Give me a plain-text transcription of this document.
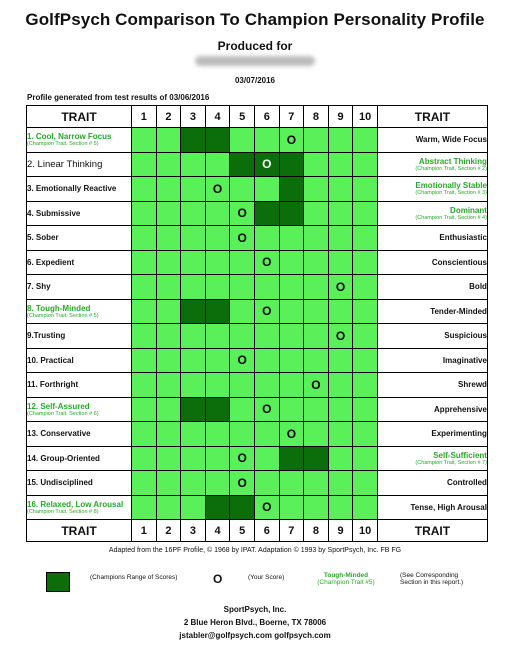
GolfPsych Comparison To Champion Personality Profile
Produced for
03/07/2016
Profile generated from test results of 03/06/2016
TRAIT	1	2	3	4	5	6	7	8	9	10	TRAIT
1. Cool, Narrow Focus
(Champion Trait, Section # 5)							O				Warm, Wide Focus
2. Linear Thinking						O					Abstract Thinking
(Champion Trait, Section # 2)

3. Emotionally Reactive				O							Emotionally Stable
(Champion Trait, Section # 3)

4. Submissive					O						Dominant
(Champion Trait, Section # 4)

5. Sober					O						Enthusiastic
6. Expedient						O					Conscientious
7. Shy									O		Bold
8. Tough-Minded
(Champion Trait, Section # 5)						O					Tender-Minded
9.Trusting									O		Suspicious
10. Practical					O						Imaginative
11. Forthright								O			Shrewd
12. Self-Assured
(Champion Trait, Section # 6)						O					Apprehensive
13. Conservative							O				Experimenting
14. Group-Oriented					O						Self-Sufficient
(Champion Trait, Section # 7)

15. Undisciplined					O						Controlled
16. Relaxed, Low Arousal
(Champion Trait, Section # 8)						O					Tense, High Arousal
TRAIT	1	2	3	4	5	6	7	8	9	10	TRAIT
Adapted from the 16PF Profile, © 1968 by IPAT. Adaptation © 1993 by SportPsych, Inc. FB FG
(Champions Range of Scores)	O	(Your Score)	Tough-Minded
(Champion Trait #5)
(See Corresponding
Section in this report.)
SportPsych, Inc.
2 Blue Heron Blvd., Boerne, TX 78006
jstabler@golfpsych.com golfpsych.com
